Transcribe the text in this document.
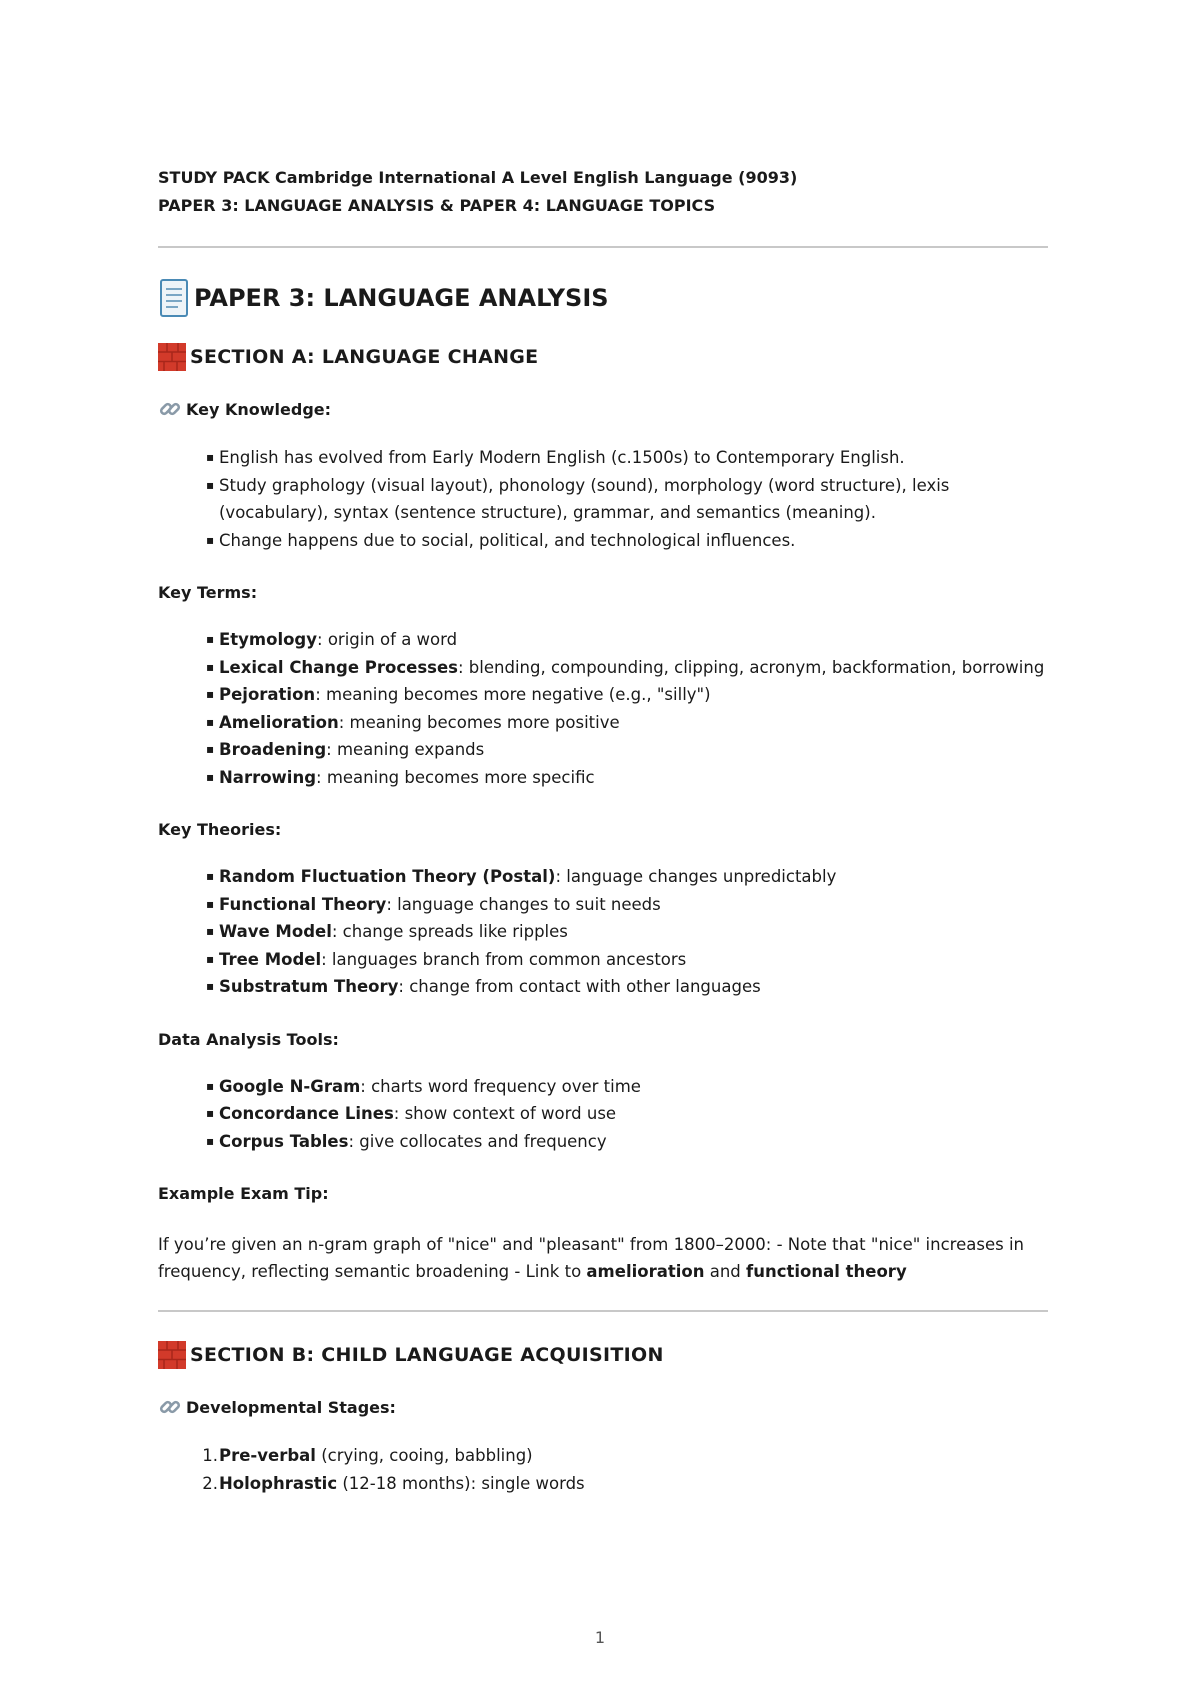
STUDY PACK Cambridge International A Level English Language (9093)

PAPER 3: LANGUAGE ANALYSIS & PAPER 4: LANGUAGE TOPICS

PAPER 3: LANGUAGE ANALYSIS
SECTION A: LANGUAGE CHANGE
Key Knowledge:
▪ English has evolved from Early Modern English (c.1500s) to Contemporary English.
▪ Study graphology (visual layout), phonology (sound), morphology (word structure), lexis (vocabulary), syntax (sentence structure), grammar, and semantics (meaning).
▪ Change happens due to social, political, and technological influences.
Key Terms:
▪ Etymology: origin of a word
▪ Lexical Change Processes: blending, compounding, clipping, acronym, backformation, borrowing
▪ Pejoration: meaning becomes more negative (e.g., "silly")
▪ Amelioration: meaning becomes more positive
▪ Broadening: meaning expands
▪ Narrowing: meaning becomes more specific
Key Theories:
▪ Random Fluctuation Theory (Postal): language changes unpredictably
▪ Functional Theory: language changes to suit needs
▪ Wave Model: change spreads like ripples
▪ Tree Model: languages branch from common ancestors
▪ Substratum Theory: change from contact with other languages
Data Analysis Tools:
▪ Google N-Gram: charts word frequency over time
▪ Concordance Lines: show context of word use
▪ Corpus Tables: give collocates and frequency
Example Exam Tip:

If you’re given an n-gram graph of "nice" and "pleasant" from 1800–2000: - Note that "nice" increases in frequency, reflecting semantic broadening - Link to amelioration and functional theory

SECTION B: CHILD LANGUAGE ACQUISITION
Developmental Stages:
1. Pre-verbal (crying, cooing, babbling)
2. Holophrastic (12-18 months): single words
1
